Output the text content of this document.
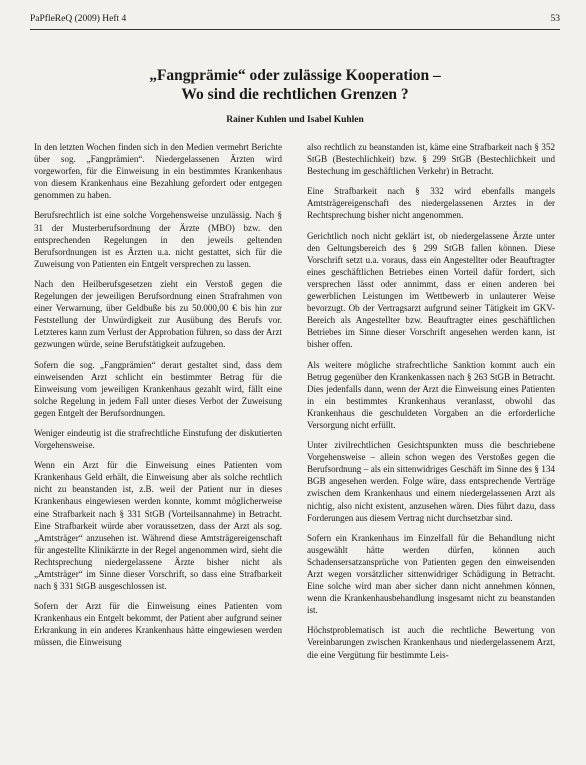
PaPfleReQ (2009) Heft 4	53
„Fangprämie“ oder zulässige Kooperation –
Wo sind die rechtlichen Grenzen ?
Rainer Kuhlen und Isabel Kuhlen

In den letzten Wochen finden sich in den Medien vermehrt Berichte über sog. „Fangprämien“. Niedergelassenen Ärzten wird vorgeworfen, für die Einweisung in ein bestimmtes Krankenhaus von diesem Krankenhaus eine Bezahlung gefordert oder entgegen genommen zu haben.

Berufsrechtlich ist eine solche Vorgehensweise unzulässig. Nach § 31 der Musterberufsordnung der Ärzte (MBO) bzw. den entsprechenden Regelungen in den jeweils geltenden Berufsordnungen ist es Ärzten u.a. nicht gestattet, sich für die Zuweisung von Patienten ein Entgelt versprechen zu lassen.

Nach den Heilberufsgesetzen zieht ein Verstoß gegen die Regelungen der jeweiligen Berufsordnung einen Strafrahmen von einer Verwarnung, über Geldbuße bis zu 50.000,00 € bis hin zur Feststellung der Unwürdigkeit zur Ausübung des Berufs vor. Letzteres kann zum Verlust der Approbation führen, so dass der Arzt gezwungen würde, seine Berufstätigkeit aufzugeben.

Sofern die sog. „Fangprämien“ derart gestaltet sind, dass dem einweisenden Arzt schlicht ein bestimmter Betrag für die Einweisung vom jeweiligen Krankenhaus gezahlt wird, fällt eine solche Regelung in jedem Fall unter dieses Verbot der Zuweisung gegen Entgelt der Berufsordnungen.

Weniger eindeutig ist die strafrechtliche Einstufung der diskutierten Vorgehensweise.

Wenn ein Arzt für die Einweisung eines Patienten vom Krankenhaus Geld erhält, die Einweisung aber als solche rechtlich nicht zu beanstanden ist, z.B. weil der Patient nur in dieses Krankenhaus eingewiesen werden konnte, kommt möglicherweise eine Strafbarkeit nach § 331 StGB (Vorteilsannahme) in Betracht. Eine Strafbarkeit würde aber voraussetzen, dass der Arzt als sog. „Amtsträger“ anzusehen ist. Während diese Amtsträgereigenschaft für angestellte Klinikärzte in der Regel angenommen wird, sieht die Rechtsprechung niedergelassene Ärzte bisher nicht als „Amtsträger“ im Sinne dieser Vorschrift, so dass eine Strafbarkeit nach § 331 StGB ausgeschlossen ist.

Sofern der Arzt für die Einweisung eines Patienten vom Krankenhaus ein Entgelt bekommt, der Patient aber aufgrund seiner Erkrankung in ein anderes Krankenhaus hätte eingewiesen werden müssen, die Einweisung

also rechtlich zu beanstanden ist, käme eine Strafbarkeit nach § 352 StGB (Bestechlichkeit) bzw. § 299 StGB (Bestechlichkeit und Bestechung im geschäftlichen Verkehr) in Betracht.

Eine Strafbarkeit nach § 332 wird ebenfalls mangels Amtsträgereigenschaft des niedergelassenen Arztes in der Rechtsprechung bisher nicht angenommen.

Gerichtlich noch nicht geklärt ist, ob niedergelassene Ärzte unter den Geltungsbereich des § 299 StGB fallen können. Diese Vorschrift setzt u.a. voraus, dass ein Angestellter oder Beauftragter eines geschäftlichen Betriebes einen Vorteil dafür fordert, sich versprechen lässt oder annimmt, dass er einen anderen bei gewerblichen Leistungen im Wettbewerb in unlauterer Weise bevorzugt. Ob der Vertragsarzt aufgrund seiner Tätigkeit im GKV-Bereich als Angestellter bzw. Beauftragter eines geschäftlichen Betriebes im Sinne dieser Vorschrift angesehen werden kann, ist bisher offen.

Als weitere mögliche strafrechtliche Sanktion kommt auch ein Betrug gegenüber den Krankenkassen nach § 263 StGB in Betracht. Dies jedenfalls dann, wenn der Arzt die Einweisung eines Patienten in ein bestimmtes Krankenhaus veranlasst, obwohl das Krankenhaus die geschuldeten Vorgaben an die erforderliche Versorgung nicht erfüllt.

Unter zivilrechtlichen Gesichtspunkten muss die beschriebene Vorgehensweise – allein schon wegen des Verstoßes gegen die Berufsordnung – als ein sittenwidriges Geschäft im Sinne des § 134 BGB angesehen werden. Folge wäre, dass entsprechende Verträge zwischen dem Krankenhaus und einem niedergelassenen Arzt als nichtig, also nicht existent, anzusehen wären. Dies führt dazu, dass Forderungen aus diesem Vertrag nicht durchsetzbar sind.

Sofern ein Krankenhaus im Einzelfall für die Behandlung nicht ausgewählt hätte werden dürfen, können auch Schadensersatzansprüche von Patienten gegen den einweisenden Arzt wegen vorsätzlicher sittenwidriger Schädigung in Betracht. Eine solche wird man aber sicher dann nicht annehmen können, wenn die Krankenhausbehandlung insgesamt nicht zu beanstanden ist.

Höchstproblematisch ist auch die rechtliche Bewertung von Vereinbarungen zwischen Krankenhaus und niedergelassenem Arzt, die eine Vergütung für bestimmte Leis-
